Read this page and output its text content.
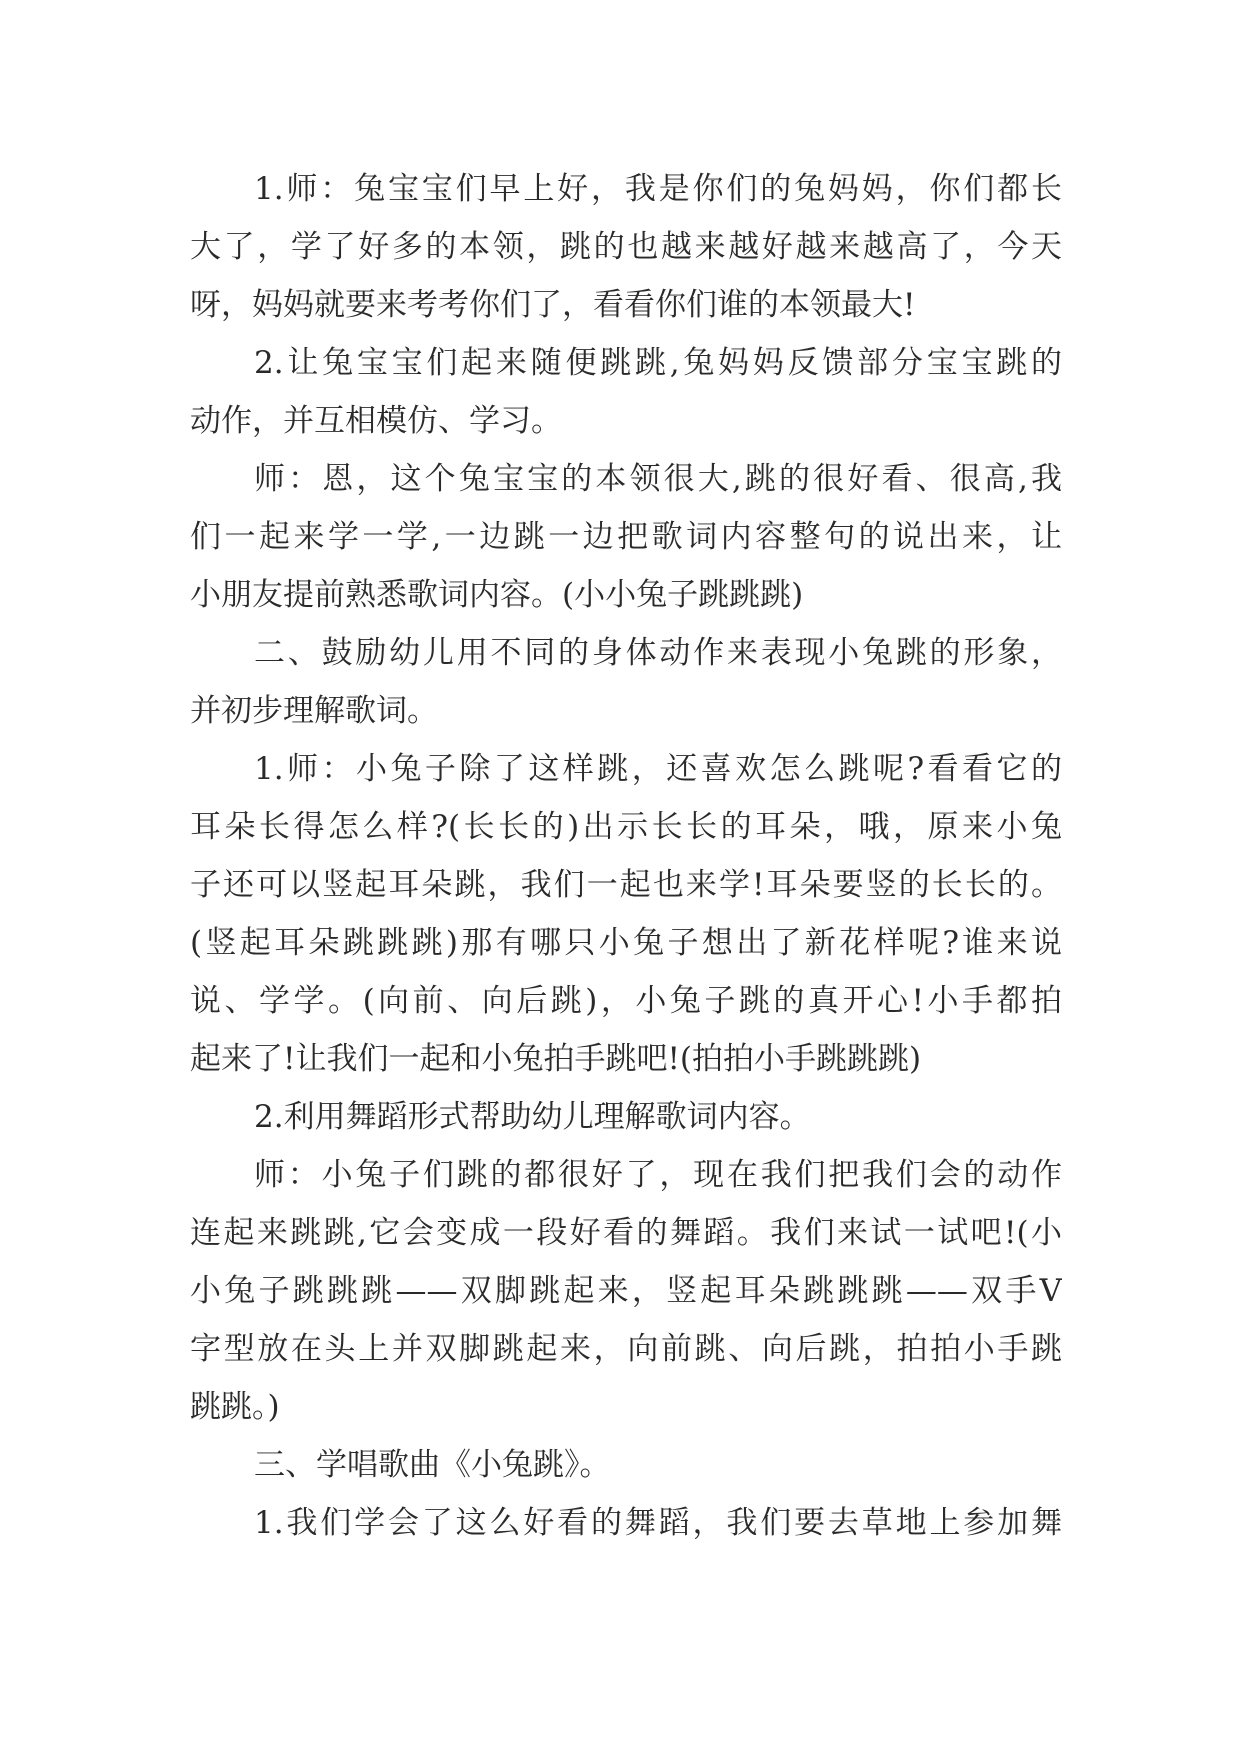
1.师：兔宝宝们早上好，我是你们的兔妈妈，你们都长
大了，学了好多的本领，跳的也越来越好越来越高了，今天
呀，妈妈就要来考考你们了，看看你们谁的本领最大!
2.让兔宝宝们起来随便跳跳,兔妈妈反馈部分宝宝跳的
动作，并互相模仿、学习。
师：恩，这个兔宝宝的本领很大,跳的很好看、很高,我
们一起来学一学,一边跳一边把歌词内容整句的说出来，让
小朋友提前熟悉歌词内容。(小小兔子跳跳跳)
二、鼓励幼儿用不同的身体动作来表现小兔跳的形象，
并初步理解歌词。
1.师：小兔子除了这样跳，还喜欢怎么跳呢?看看它的
耳朵长得怎么样?(长长的)出示长长的耳朵，哦，原来小兔
子还可以竖起耳朵跳，我们一起也来学!耳朵要竖的长长的。
(竖起耳朵跳跳跳)那有哪只小兔子想出了新花样呢?谁来说
说、学学。(向前、向后跳)，小兔子跳的真开心!小手都拍
起来了!让我们一起和小兔拍手跳吧!(拍拍小手跳跳跳)
2.利用舞蹈形式帮助幼儿理解歌词内容。
师：小兔子们跳的都很好了，现在我们把我们会的动作
连起来跳跳,它会变成一段好看的舞蹈。我们来试一试吧!(小
小兔子跳跳跳——双脚跳起来，竖起耳朵跳跳跳——双手V
字型放在头上并双脚跳起来，向前跳、向后跳，拍拍小手跳
跳跳。)
三、学唱歌曲《小兔跳》。
1.我们学会了这么好看的舞蹈，我们要去草地上参加舞
